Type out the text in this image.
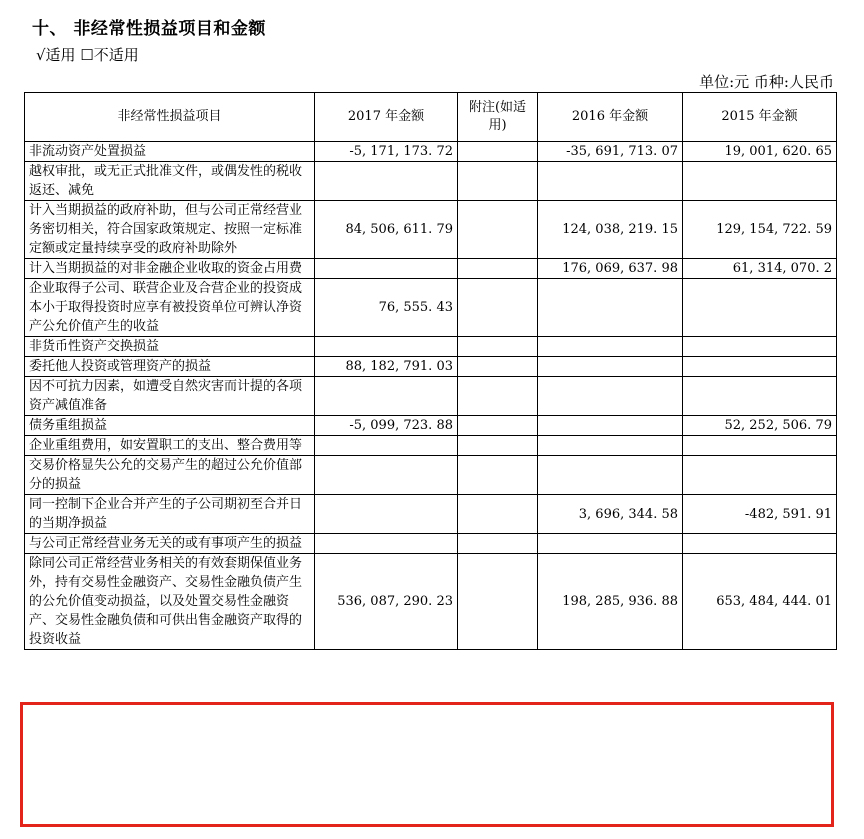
十、 非经常性损益项目和金额
√适用 ☐不适用
单位:元 币种:人民币
非经常性损益项目	2017 年金额	附注(如适用)	2016 年金额	2015 年金额
非流动资产处置损益	-5, 171, 173. 72		-35, 691, 713. 07	19, 001, 620. 65
越权审批，或无正式批准文件，或偶发性的税收返还、减免				
计入当期损益的政府补助，但与公司正常经营业务密切相关，符合国家政策规定、按照一定标准定额或定量持续享受的政府补助除外	84, 506, 611. 79		124, 038, 219. 15	129, 154, 722. 59
计入当期损益的对非金融企业收取的资金占用费			176, 069, 637. 98	61, 314, 070. 2
企业取得子公司、联营企业及合营企业的投资成本小于取得投资时应享有被投资单位可辨认净资产公允价值产生的收益	76, 555. 43			
非货币性资产交换损益				
委托他人投资或管理资产的损益	88, 182, 791. 03			
因不可抗力因素，如遭受自然灾害而计提的各项资产减值准备				
债务重组损益	-5, 099, 723. 88			52, 252, 506. 79
企业重组费用，如安置职工的支出、整合费用等				
交易价格显失公允的交易产生的超过公允价值部分的损益				
同一控制下企业合并产生的子公司期初至合并日的当期净损益			3, 696, 344. 58	-482, 591. 91
与公司正常经营业务无关的或有事项产生的损益				
除同公司正常经营业务相关的有效套期保值业务外，持有交易性金融资产、交易性金融负债产生的公允价值变动损益，以及处置交易性金融资产、交易性金融负债和可供出售金融资产取得的投资收益	536, 087, 290. 23		198, 285, 936. 88	653, 484, 444. 01
